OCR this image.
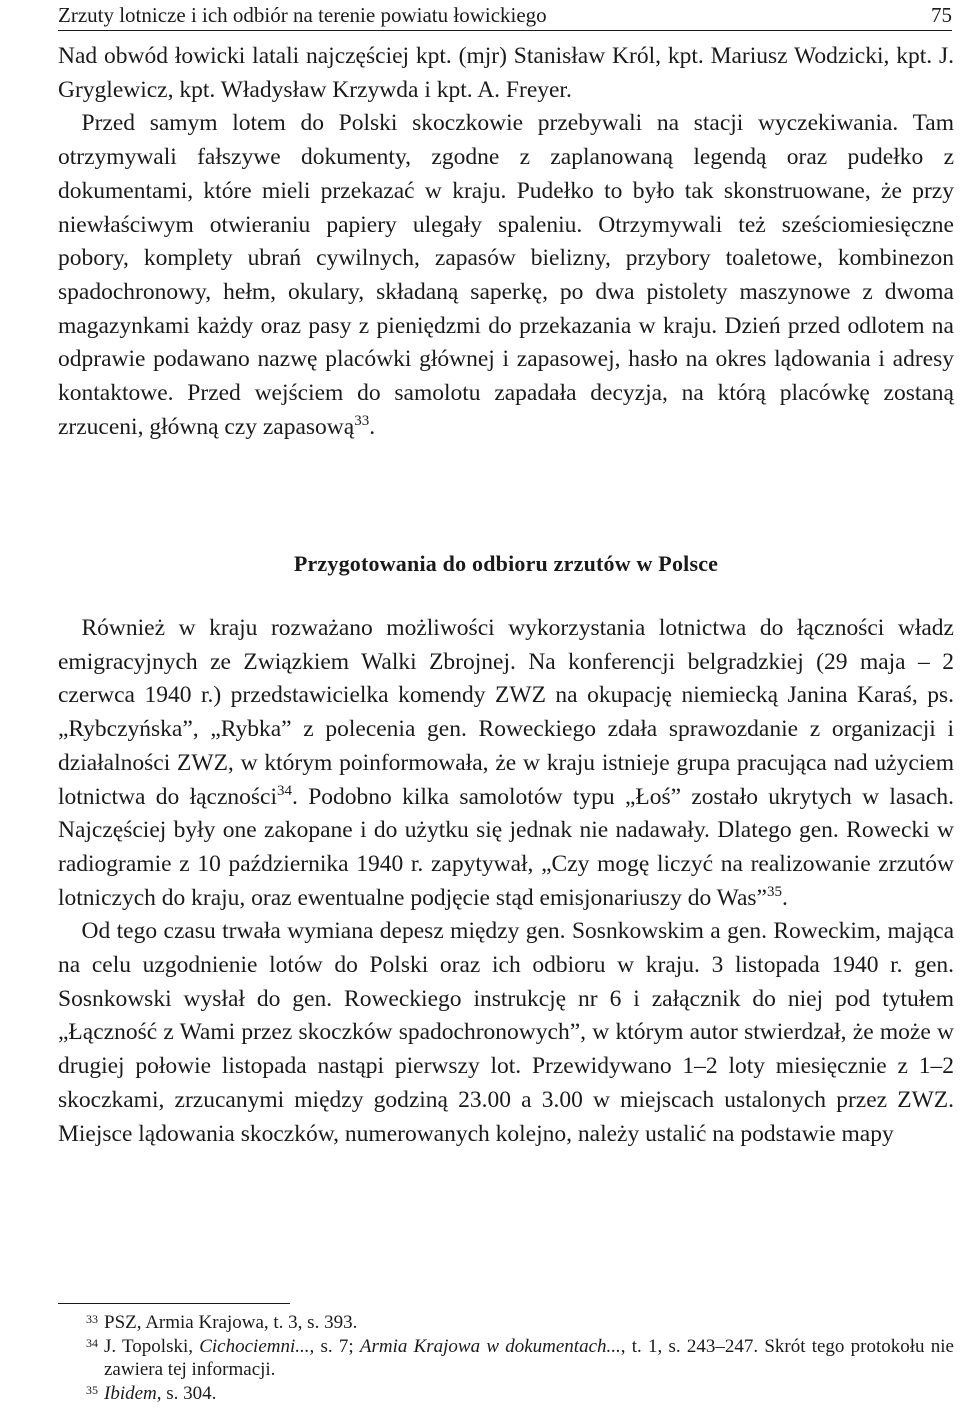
Zrzuty lotnicze i ich odbiór na terenie powiatu łowickiego	75

Nad obwód łowicki latali najczęściej kpt. (mjr) Stanisław Król, kpt. Mariusz Wodzicki, kpt. J. Gryglewicz, kpt. Władysław Krzywda i kpt. A. Freyer.

 Przed samym lotem do Polski skoczkowie przebywali na stacji wyczekiwania. Tam otrzymywali fałszywe dokumenty, zgodne z zaplanowaną legendą oraz pudełko z dokumentami, które mieli przekazać w kraju. Pudełko to było tak skonstruowane, że przy niewłaściwym otwieraniu papiery ulegały spaleniu. Otrzymywali też sześciomiesięczne pobory, komplety ubrań cywilnych, zapasów bielizny, przybory toaletowe, kombinezon spadochronowy, hełm, okulary, składaną saperkę, po dwa pistolety maszynowe z dwoma magazynkami każdy oraz pasy z pieniędzmi do przekazania w kraju. Dzień przed odlotem na odprawie podawano nazwę placówki głównej i zapasowej, hasło na okres lądowania i adresy kontaktowe. Przed wejściem do samolotu zapadała decyzja, na którą placówkę zostaną zrzuceni, główną czy zapasową$^{33}$.

Przygotowania do odbioru zrzutów w Polsce

 Również w kraju rozważano możliwości wykorzystania lotnictwa do łączności władz emigracyjnych ze Związkiem Walki Zbrojnej. Na konferencji belgradzkiej (29 maja – 2 czerwca 1940 r.) przedstawicielka komendy ZWZ na okupację niemiecką Janina Karaś, ps. „Rybczyńska”, „Rybka” z polecenia gen. Roweckiego zdała sprawozdanie z organizacji i działalności ZWZ, w którym poinformowała, że w kraju istnieje grupa pracująca nad użyciem lotnictwa do łączności$^{34}$. Podobno kilka samolotów typu „Łoś” zostało ukrytych w lasach. Najczęściej były one zakopane i do użytku się jednak nie nadawały. Dlatego gen. Rowecki w radiogramie z 10 października 1940 r. zapytywał, „Czy mogę liczyć na realizowanie zrzutów lotniczych do kraju, oraz ewentualne podjęcie stąd emisjonariuszy do Was”$^{35}$.

 Od tego czasu trwała wymiana depesz między gen. Sosnkowskim a gen. Roweckim, mająca na celu uzgodnienie lotów do Polski oraz ich odbioru w kraju. 3 listopada 1940 r. gen. Sosnkowski wysłał do gen. Roweckiego instrukcję nr 6 i załącznik do niej pod tytułem „Łączność z Wami przez skoczków spadochronowych”, w którym autor stwierdzał, że może w drugiej połowie listopada nastąpi pierwszy lot. Przewidywano 1–2 loty miesięcznie z 1–2 skoczkami, zrzucanymi między godziną 23.00 a 3.00 w miejscach ustalonych przez ZWZ. Miejsce lądowania skoczków, numerowanych kolejno, należy ustalić na podstawie mapy

33 PSZ, Armia Krajowa, t. 3, s. 393.
34 J. Topolski, Cichociemni..., s. 7; Armia Krajowa w dokumentach..., t. 1, s. 243–247. Skrót tego protokołu nie zawiera tej informacji.
35 Ibidem, s. 304.
